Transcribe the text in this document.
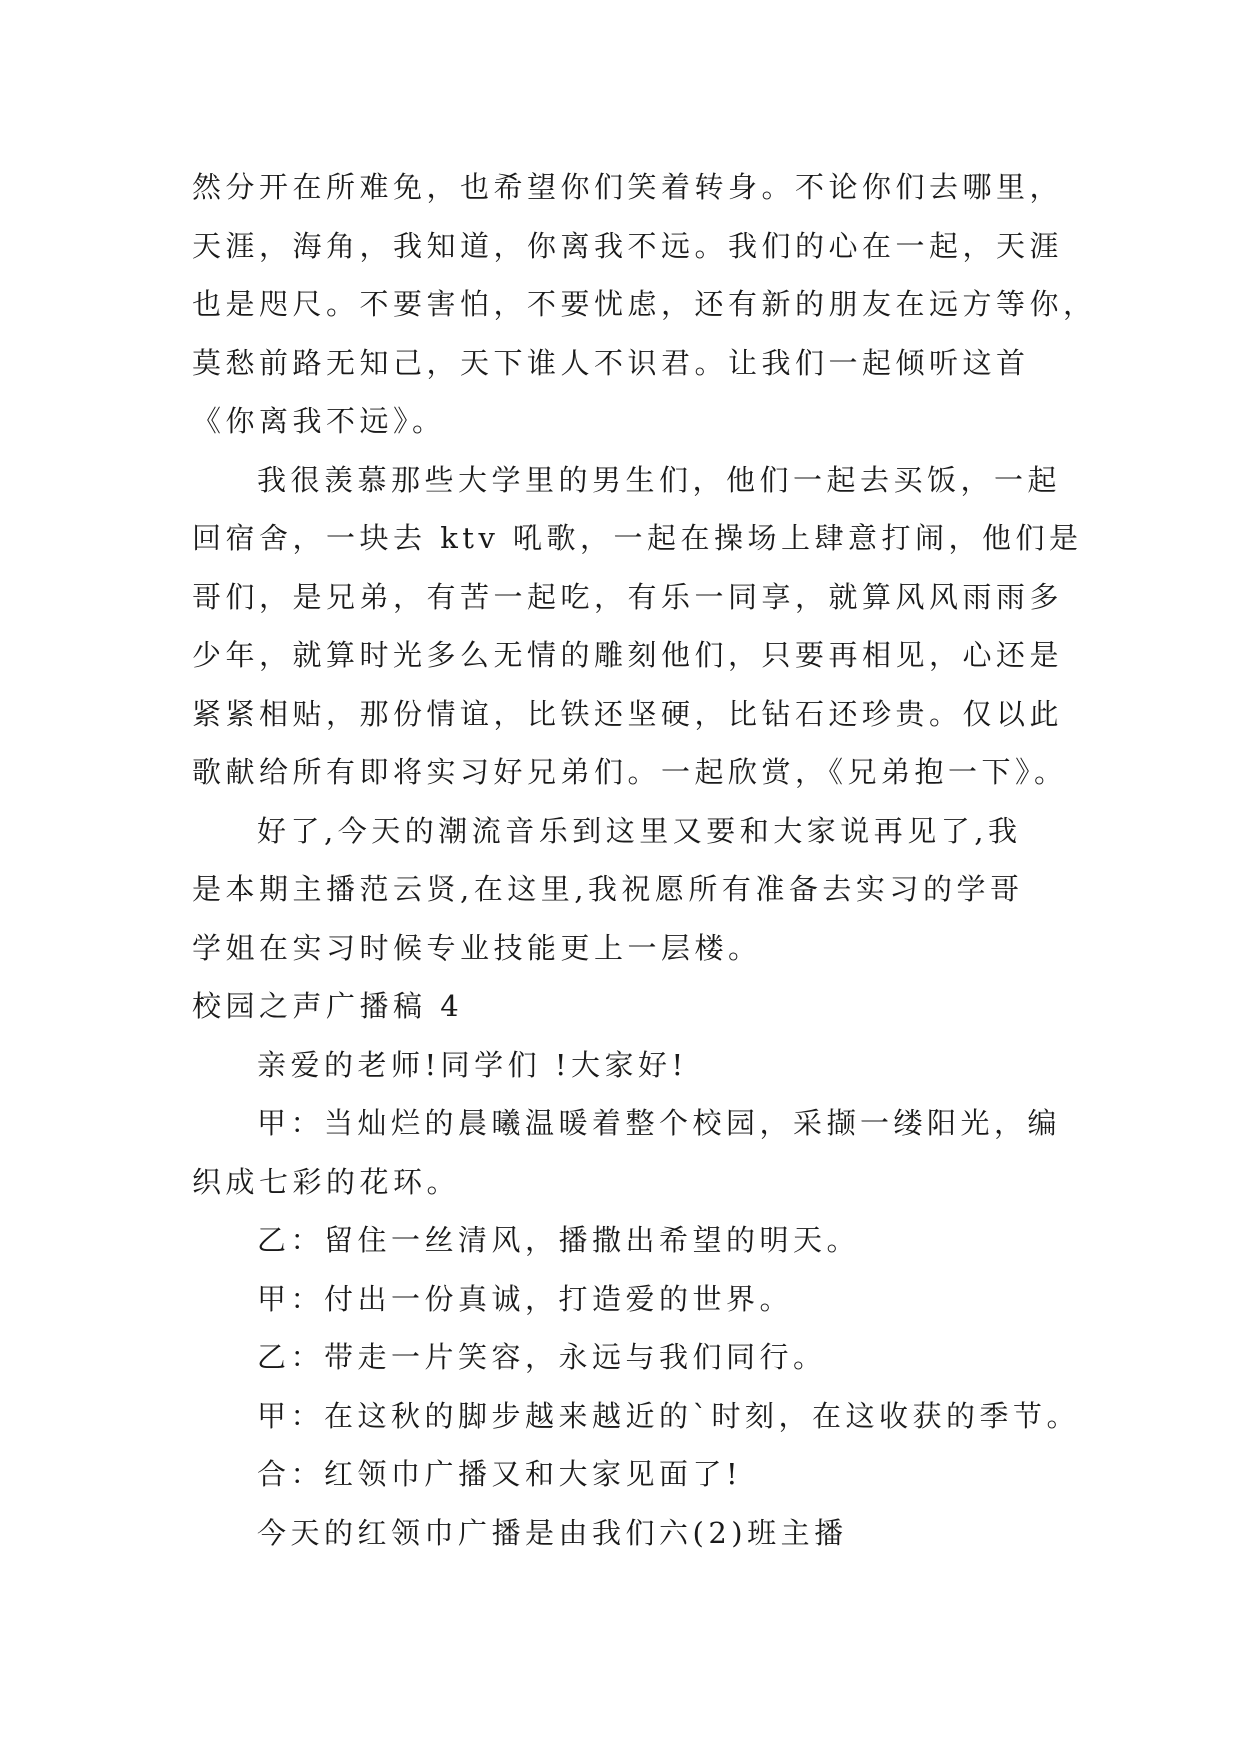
然分开在所难免，也希望你们笑着转身。不论你们去哪里，
天涯，海角，我知道，你离我不远。我们的心在一起，天涯
也是咫尺。不要害怕，不要忧虑，还有新的朋友在远方等你，
莫愁前路无知己，天下谁人不识君。让我们一起倾听这首
《你离我不远》。
我很羡慕那些大学里的男生们，他们一起去买饭，一起
回宿舍，一块去 ktv 吼歌，一起在操场上肆意打闹，他们是
哥们，是兄弟，有苦一起吃，有乐一同享，就算风风雨雨多
少年，就算时光多么无情的雕刻他们，只要再相见，心还是
紧紧相贴，那份情谊，比铁还坚硬，比钻石还珍贵。仅以此
歌献给所有即将实习好兄弟们。一起欣赏，《兄弟抱一下》。
好了,今天的潮流音乐到这里又要和大家说再见了,我
是本期主播范云贤,在这里,我祝愿所有准备去实习的学哥
学姐在实习时候专业技能更上一层楼。
校园之声广播稿 4
亲爱的老师!同学们 !大家好!
甲：当灿烂的晨曦温暖着整个校园，采撷一缕阳光，编
织成七彩的花环。
乙：留住一丝清风，播撒出希望的明天。
甲：付出一份真诚，打造爱的世界。
乙：带走一片笑容，永远与我们同行。
甲：在这秋的脚步越来越近的`时刻，在这收获的季节。
合：红领巾广播又和大家见面了!
今天的红领巾广播是由我们六(2)班主播
